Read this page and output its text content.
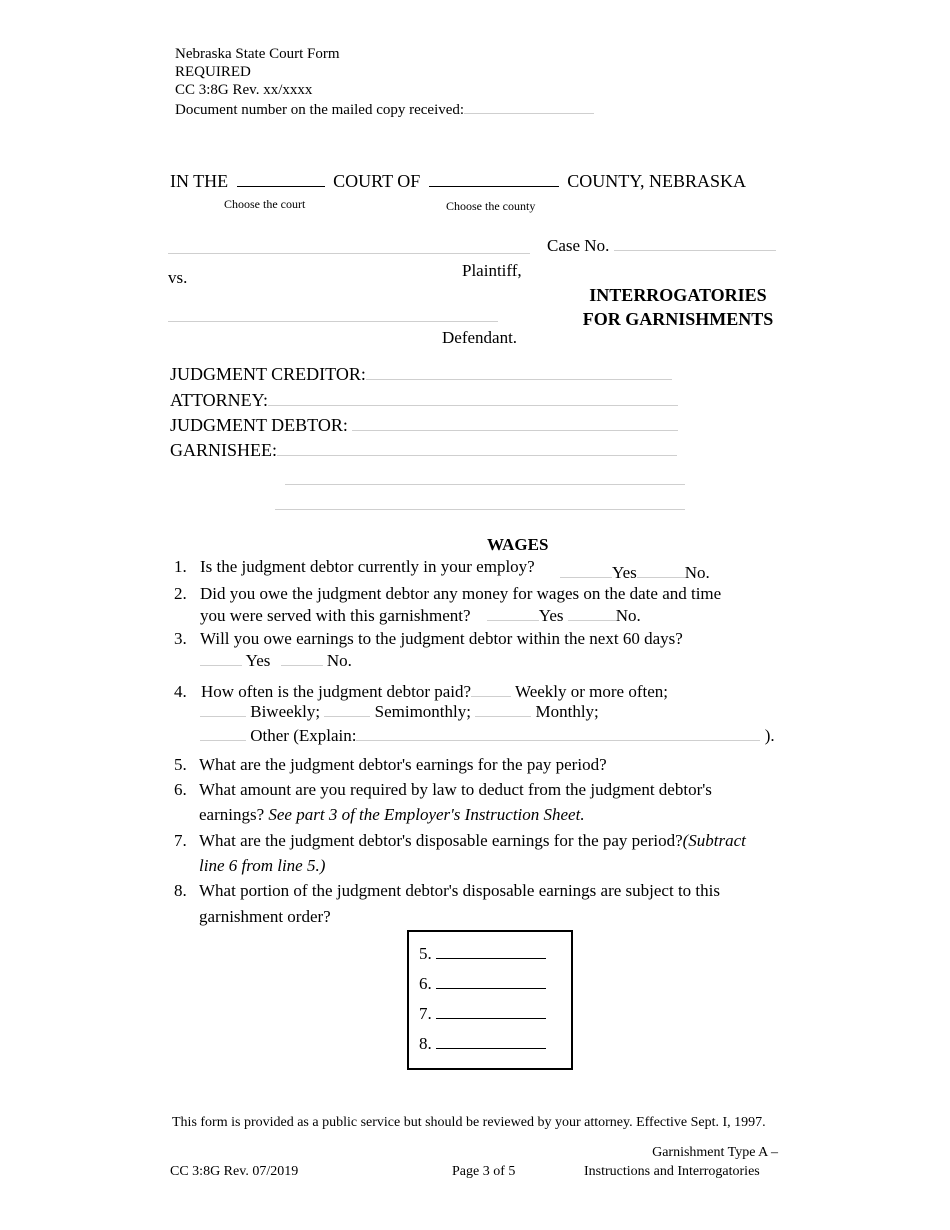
Nebraska State Court Form
REQUIRED
CC 3:8G Rev. xx/xxxx
Document number on the mailed copy received:
IN THE	COURT OF	COUNTY, NEBRASKA
Choose the court	Choose the county
Case No.
Plaintiff,
vs.
INTERROGATORIES
FOR GARNISHMENTS
Defendant.
JUDGMENT CREDITOR:
ATTORNEY:
JUDGMENT DEBTOR:
GARNISHEE:
WAGES
1. Is the judgment debtor currently in your employ?	Yes	No.
2. Did you owe the judgment debtor any money for wages on the date and time
you were served with this garnishment?	Yes	No.
3. Will you owe earnings to the judgment debtor within the next 60 days?
Yes	No.
4. How often is the judgment debtor paid?	Weekly or more often;
Biweekly;	Semimonthly;	Monthly;
Other (Explain:	).
5. What are the judgment debtor's earnings for the pay period?
6. What amount are you required by law to deduct from the judgment debtor's
earnings? See part 3 of the Employer's Instruction Sheet.
7. What are the judgment debtor's disposable earnings for the pay period?(Subtract
line 6 from line 5.)
8. What portion of the judgment debtor's disposable earnings are subject to this
garnishment order?
5.
6.
7.
8.
This form is provided as a public service but should be reviewed by your attorney. Effective Sept. I, 1997.
Garnishment Type A –
CC 3:8G Rev. 07/2019	Page 3 of 5	Instructions and Interrogatories
